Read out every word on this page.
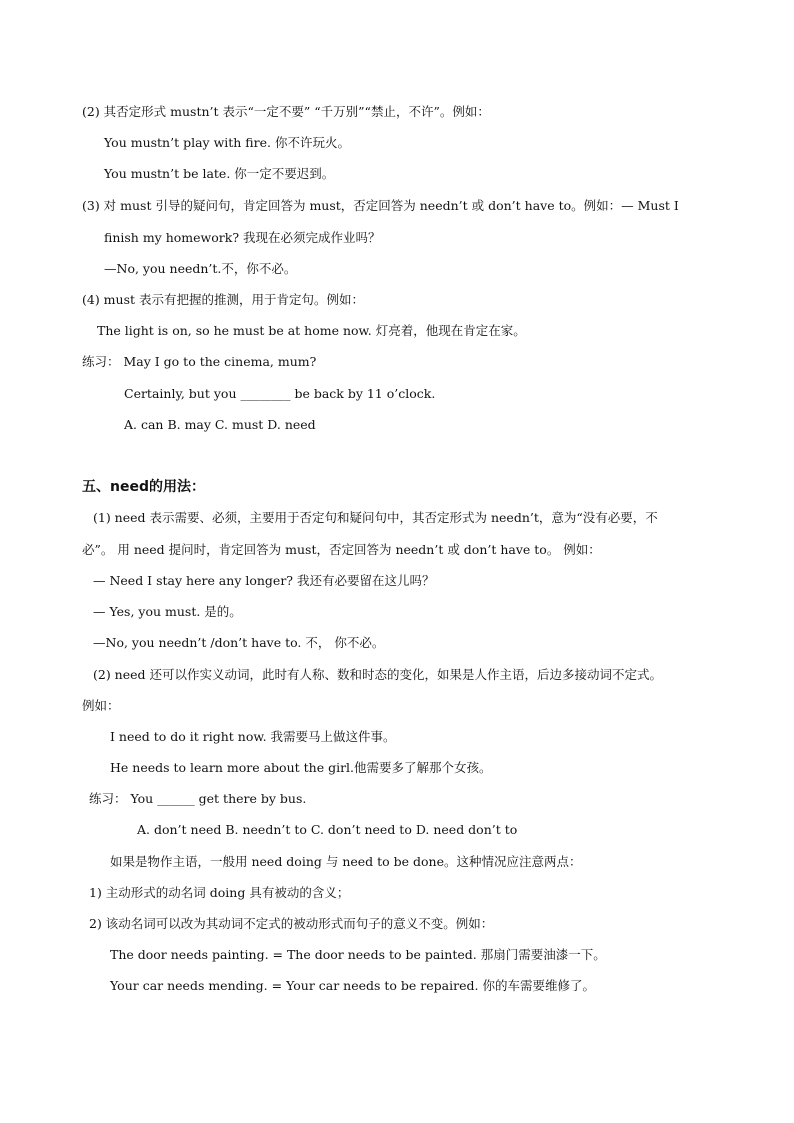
(2) 其否定形式 mustn’t 表示“一定不要” “千万别”“禁止，不许”。例如：
You mustn’t play with fire. 你不许玩火。
You mustn’t be late. 你一定不要迟到。
(3) 对 must 引导的疑问句，肯定回答为 must，否定回答为 needn’t 或 don’t have to。例如：— Must I
finish my homework? 我现在必须完成作业吗？
—No, you needn’t.不，你不必。
(4) must 表示有把握的推测，用于肯定句。例如：
The light is on, so he must be at home now. 灯亮着，他现在肯定在家。
练习： May I go to the cinema, mum?
Certainly, but you ________ be back by 11 o’clock.
A. can B. may C. must D. need
五、need的用法：
(1) need 表示需要、必须，主要用于否定句和疑问句中，其否定形式为 needn’t，意为“没有必要，不
必”。 用 need 提问时，肯定回答为 must，否定回答为 needn’t 或 don’t have to。 例如：
— Need I stay here any longer? 我还有必要留在这儿吗？
— Yes, you must. 是的。
—No, you needn’t /don’t have to. 不， 你不必。
(2) need 还可以作实义动词，此时有人称、数和时态的变化，如果是人作主语，后边多接动词不定式。
例如：
I need to do it right now. 我需要马上做这件事。
He needs to learn more about the girl.他需要多了解那个女孩。
练习： You ______ get there by bus.
A. don’t need B. needn’t to C. don’t need to D. need don’t to
如果是物作主语，一般用 need doing 与 need to be done。这种情况应注意两点：
1) 主动形式的动名词 doing 具有被动的含义；
2) 该动名词可以改为其动词不定式的被动形式而句子的意义不变。例如：
The door needs painting. = The door needs to be painted. 那扇门需要油漆一下。
Your car needs mending. = Your car needs to be repaired. 你的车需要维修了。
